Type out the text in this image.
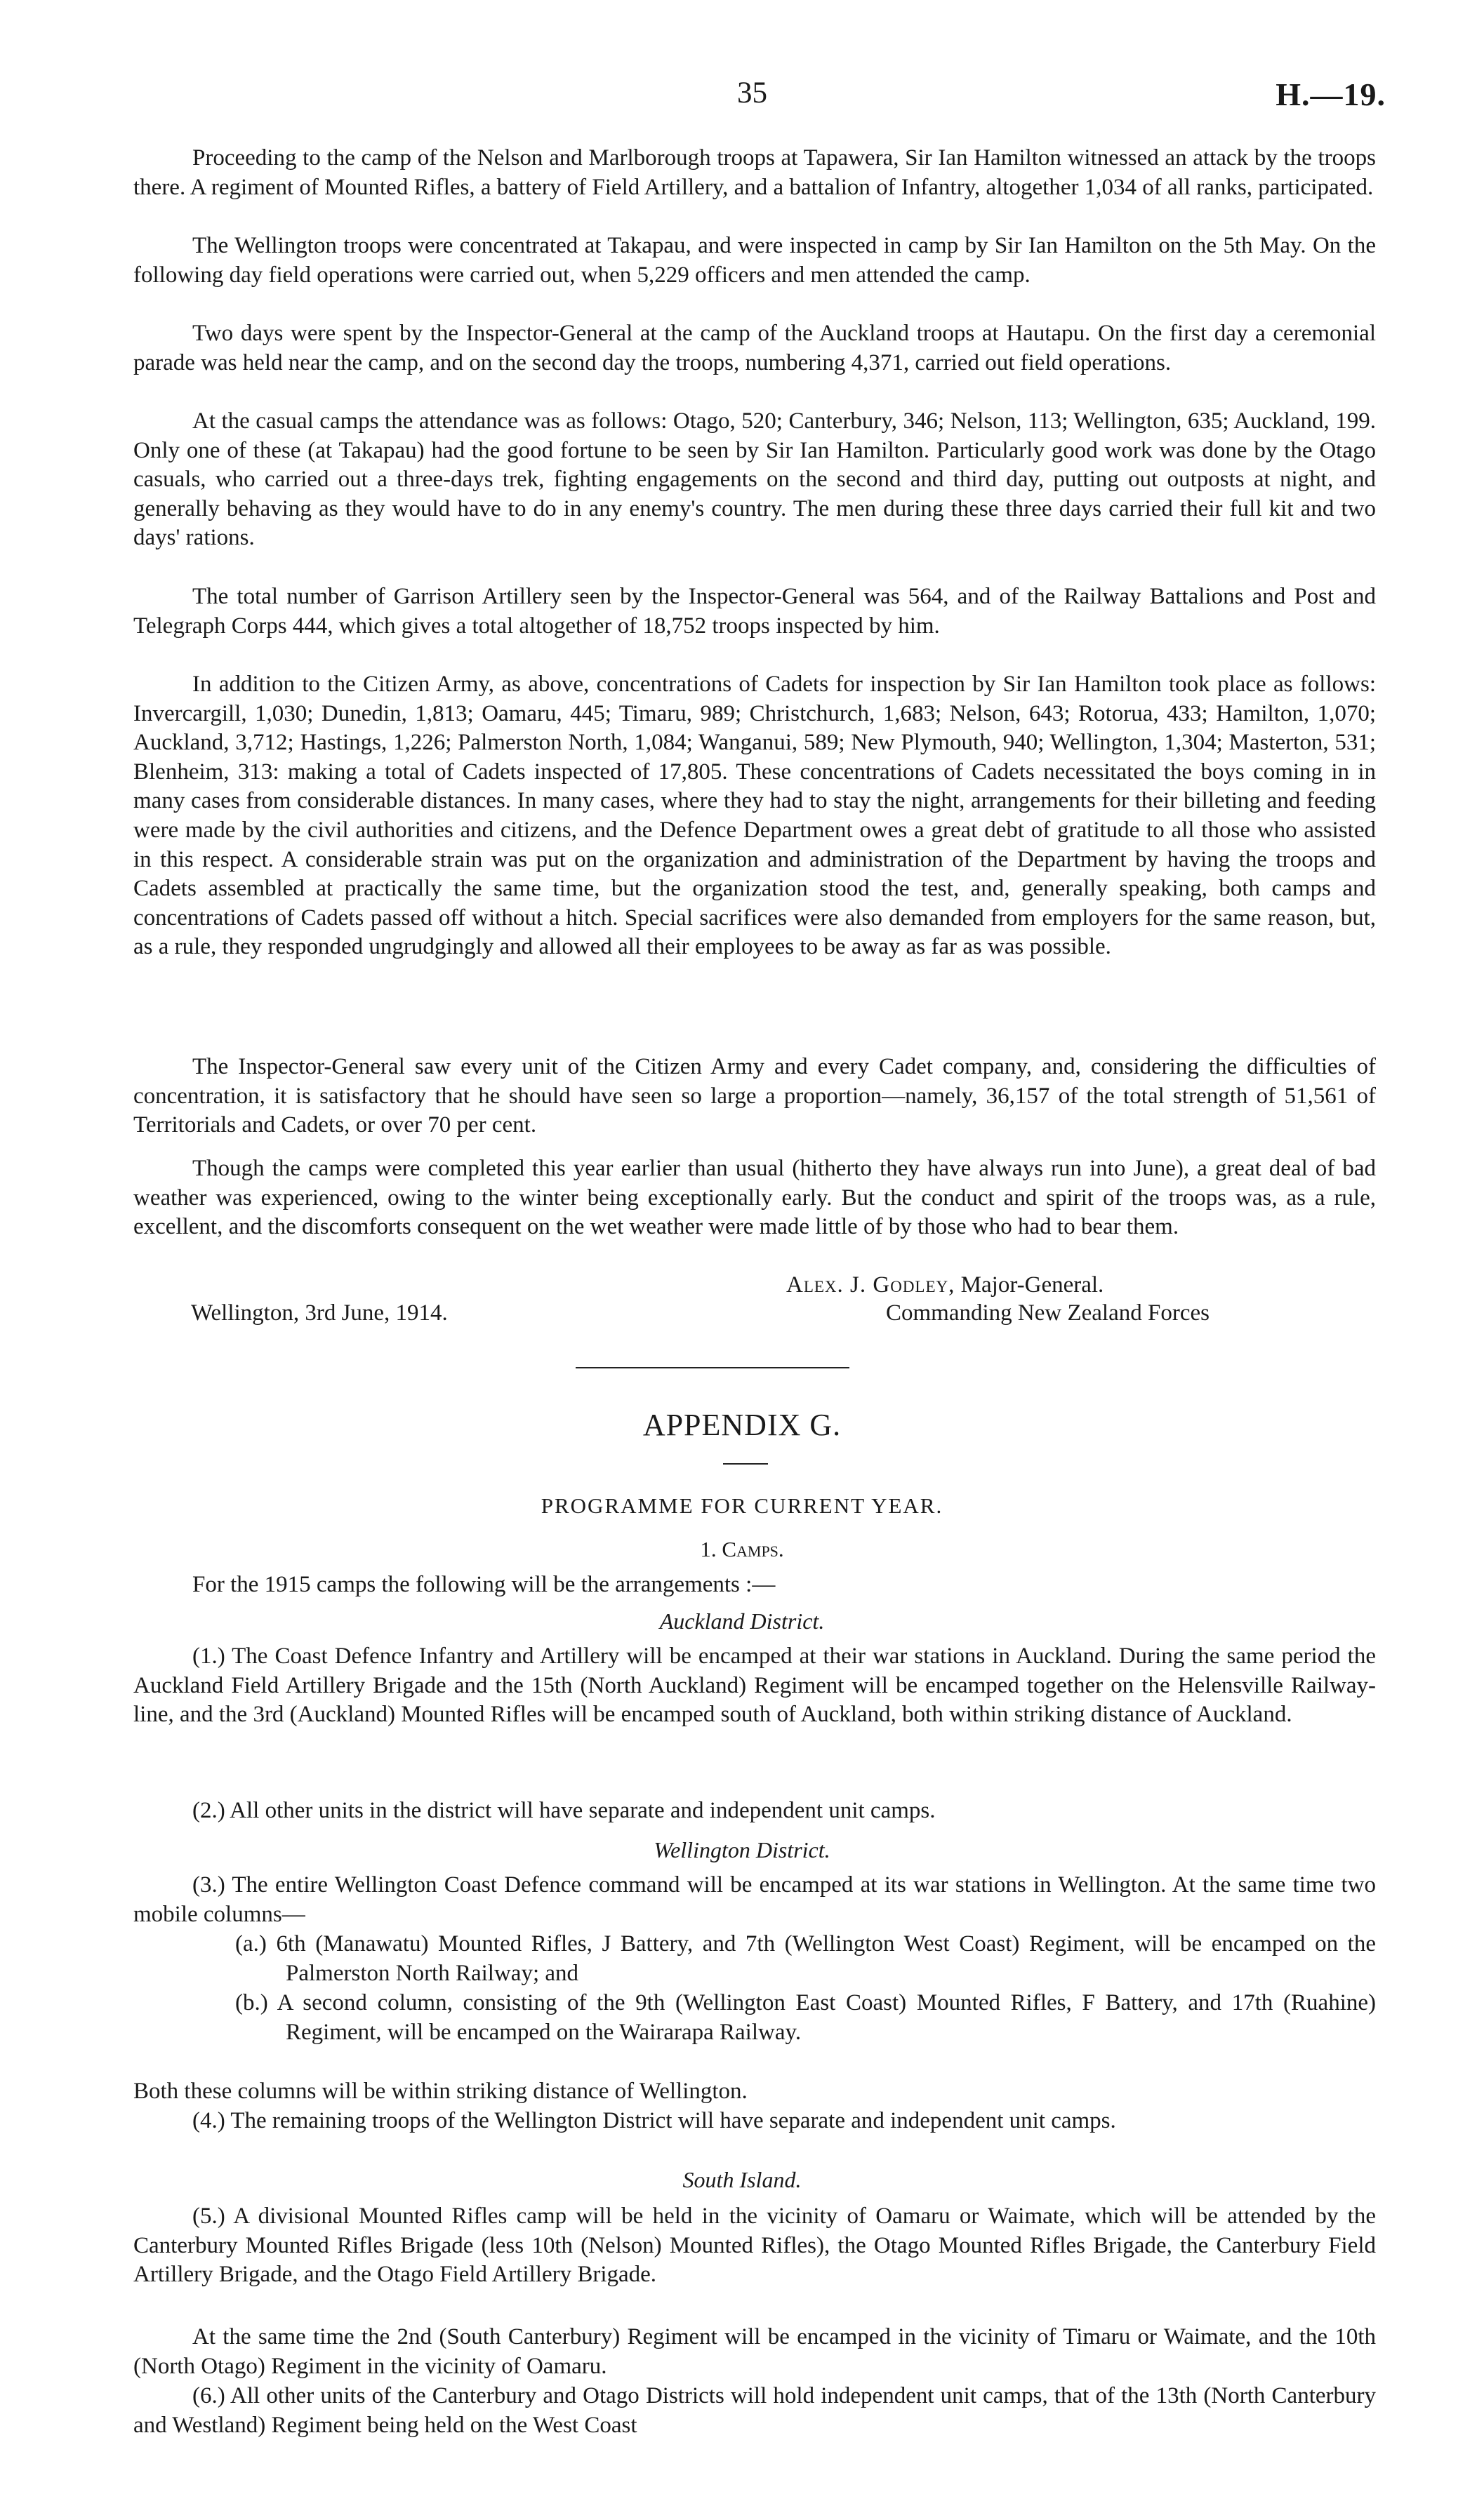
35	H.—19.

Proceeding to the camp of the Nelson and Marlborough troops at Tapawera, Sir Ian Hamilton witnessed an attack by the troops there. A regiment of Mounted Rifles, a battery of Field Artillery, and a battalion of Infantry, altogether 1,034 of all ranks, participated.

The Wellington troops were concentrated at Takapau, and were inspected in camp by Sir Ian Hamilton on the 5th May. On the following day field operations were carried out, when 5,229 officers and men attended the camp.

Two days were spent by the Inspector-General at the camp of the Auckland troops at Hautapu. On the first day a ceremonial parade was held near the camp, and on the second day the troops, numbering 4,371, carried out field operations.

At the casual camps the attendance was as follows: Otago, 520; Canterbury, 346; Nelson, 113; Wellington, 635; Auckland, 199. Only one of these (at Takapau) had the good fortune to be seen by Sir Ian Hamilton. Particularly good work was done by the Otago casuals, who carried out a three-days trek, fighting engagements on the second and third day, putting out outposts at night, and generally behaving as they would have to do in any enemy's country. The men during these three days carried their full kit and two days' rations.

The total number of Garrison Artillery seen by the Inspector-General was 564, and of the Railway Battalions and Post and Telegraph Corps 444, which gives a total altogether of 18,752 troops inspected by him.

In addition to the Citizen Army, as above, concentrations of Cadets for inspection by Sir Ian Hamilton took place as follows: Invercargill, 1,030; Dunedin, 1,813; Oamaru, 445; Timaru, 989; Christchurch, 1,683; Nelson, 643; Rotorua, 433; Hamilton, 1,070; Auckland, 3,712; Hastings, 1,226; Palmerston North, 1,084; Wanganui, 589; New Plymouth, 940; Wellington, 1,304; Masterton, 531; Blenheim, 313: making a total of Cadets inspected of 17,805. These concentrations of Cadets necessitated the boys coming in in many cases from considerable distances. In many cases, where they had to stay the night, arrangements for their billeting and feeding were made by the civil authorities and citizens, and the Defence Department owes a great debt of gratitude to all those who assisted in this respect. A considerable strain was put on the organization and administration of the Department by having the troops and Cadets assembled at practically the same time, but the organization stood the test, and, generally speaking, both camps and concentrations of Cadets passed off without a hitch. Special sacrifices were also demanded from employers for the same reason, but, as a rule, they responded ungrudgingly and allowed all their employees to be away as far as was possible.

The Inspector-General saw every unit of the Citizen Army and every Cadet company, and, considering the difficulties of concentration, it is satisfactory that he should have seen so large a proportion—namely, 36,157 of the total strength of 51,561 of Territorials and Cadets, or over 70 per cent.

Though the camps were completed this year earlier than usual (hitherto they have always run into June), a great deal of bad weather was experienced, owing to the winter being exceptionally early. But the conduct and spirit of the troops was, as a rule, excellent, and the discomforts consequent on the wet weather were made little of by those who had to bear them.

Alex. J. Godley, Major-General.
Wellington, 3rd June, 1914.	Commanding New Zealand Forces
APPENDIX G.
PROGRAMME FOR CURRENT YEAR.
1. Camps.

For the 1915 camps the following will be the arrangements :—

Auckland District.

(1.) The Coast Defence Infantry and Artillery will be encamped at their war stations in Auckland. During the same period the Auckland Field Artillery Brigade and the 15th (North Auckland) Regiment will be encamped together on the Helensville Railway-line, and the 3rd (Auckland) Mounted Rifles will be encamped south of Auckland, both within striking distance of Auckland.

(2.) All other units in the district will have separate and independent unit camps.

Wellington District.

(3.) The entire Wellington Coast Defence command will be encamped at its war stations in Wellington. At the same time two mobile columns—

(a.) 6th (Manawatu) Mounted Rifles, J Battery, and 7th (Wellington West Coast) Regiment, will be encamped on the Palmerston North Railway; and

(b.) A second column, consisting of the 9th (Wellington East Coast) Mounted Rifles, F Battery, and 17th (Ruahine) Regiment, will be encamped on the Wairarapa Railway.

Both these columns will be within striking distance of Wellington.

(4.) The remaining troops of the Wellington District will have separate and independent unit camps.

South Island.

(5.) A divisional Mounted Rifles camp will be held in the vicinity of Oamaru or Waimate, which will be attended by the Canterbury Mounted Rifles Brigade (less 10th (Nelson) Mounted Rifles), the Otago Mounted Rifles Brigade, the Canterbury Field Artillery Brigade, and the Otago Field Artillery Brigade.

At the same time the 2nd (South Canterbury) Regiment will be encamped in the vicinity of Timaru or Waimate, and the 10th (North Otago) Regiment in the vicinity of Oamaru.

(6.) All other units of the Canterbury and Otago Districts will hold independent unit camps, that of the 13th (North Canterbury and Westland) Regiment being held on the West Coast
